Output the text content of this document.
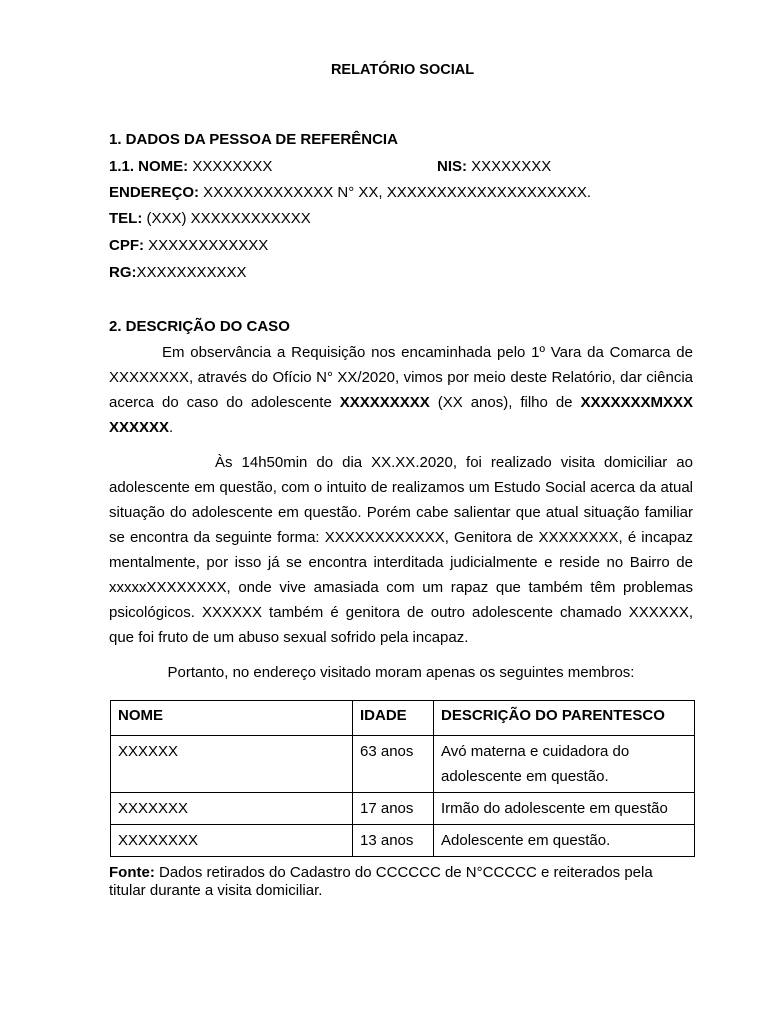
RELATÓRIO SOCIAL
1. DADOS DA PESSOA DE REFERÊNCIA
1.1. NOME: XXXXXXXX	NIS: XXXXXXXX
ENDEREÇO: XXXXXXXXXXXXX N° XX, XXXXXXXXXXXXXXXXXXXX.
TEL: (XXX) XXXXXXXXXXXX
CPF: XXXXXXXXXXXX
RG:XXXXXXXXXXX
2. DESCRIÇÃO DO CASO

Em observância a Requisição nos encaminhada pelo 1º Vara da Comarca de XXXXXXXX, através do Ofício N° XX/2020, vimos por meio deste Relatório, dar ciência acerca do caso do adolescente XXXXXXXXX (XX anos), filho de XXXXXXXMXXX XXXXXX.

Às 14h50min do dia XX.XX.2020, foi realizado visita domiciliar ao adolescente em questão, com o intuito de realizamos um Estudo Social acerca da atual situação do adolescente em questão. Porém cabe salientar que atual situação familiar se encontra da seguinte forma: XXXXXXXXXXXX, Genitora de XXXXXXXX, é incapaz mentalmente, por isso já se encontra interditada judicialmente e reside no Bairro de xxxxxXXXXXXXX, onde vive amasiada com um rapaz que também têm problemas psicológicos. XXXXXX também é genitora de outro adolescente chamado XXXXXX, que foi fruto de um abuso sexual sofrido pela incapaz.

Portanto, no endereço visitado moram apenas os seguintes membros:
NOME	IDADE	DESCRIÇÃO DO PARENTESCO
XXXXXX	63 anos	Avó materna e cuidadora do adolescente em questão.
XXXXXXX	17 anos	Irmão do adolescente em questão
XXXXXXXX	13 anos	Adolescente em questão.
Fonte: Dados retirados do Cadastro do CCCCCC de N°CCCCC e reiterados pela titular durante a visita domiciliar.
